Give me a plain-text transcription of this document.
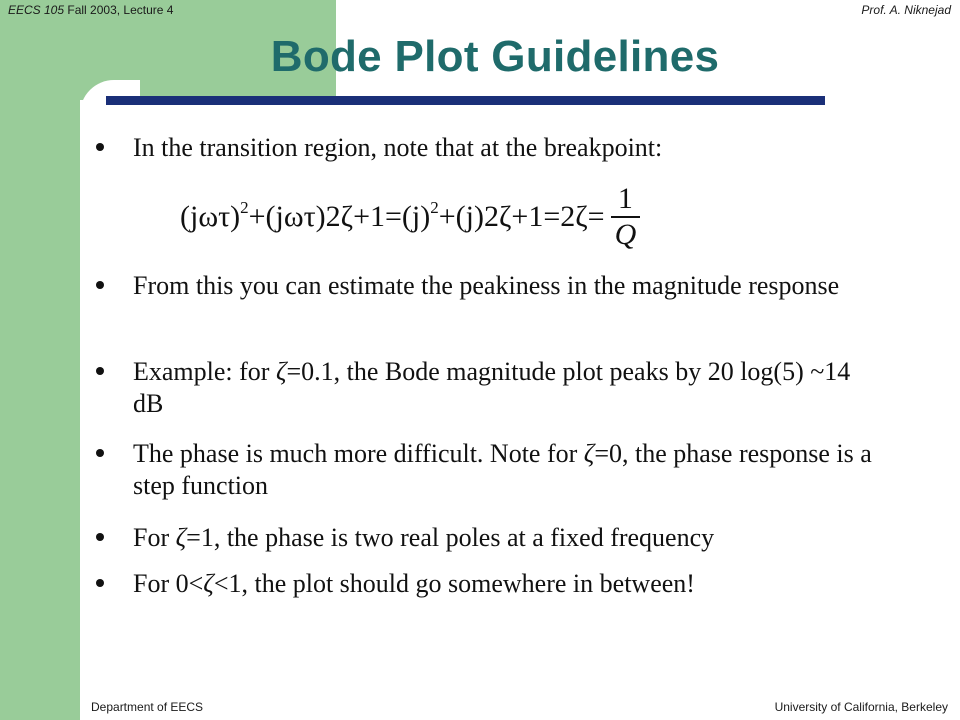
EECS 105 Fall 2003, Lecture 4	Prof. A. Niknejad
Bode Plot Guidelines
In the transition region, note that at the breakpoint:
$(j\omega\tau)^2+(j\omega\tau)2\zeta+1=(j)^2+(j)2\zeta+1=2\zeta= \frac{1}{Q}$
From this you can estimate the peakiness in the magnitude response
Example: for ζ=0.1, the Bode magnitude plot peaks by 20 log(5) ~14 dB
The phase is much more difficult. Note for ζ=0, the phase response is a step function
For ζ=1, the phase is two real poles at a fixed frequency
For 0<ζ<1, the plot should go somewhere in between!
Department of EECS	University of California, Berkeley
